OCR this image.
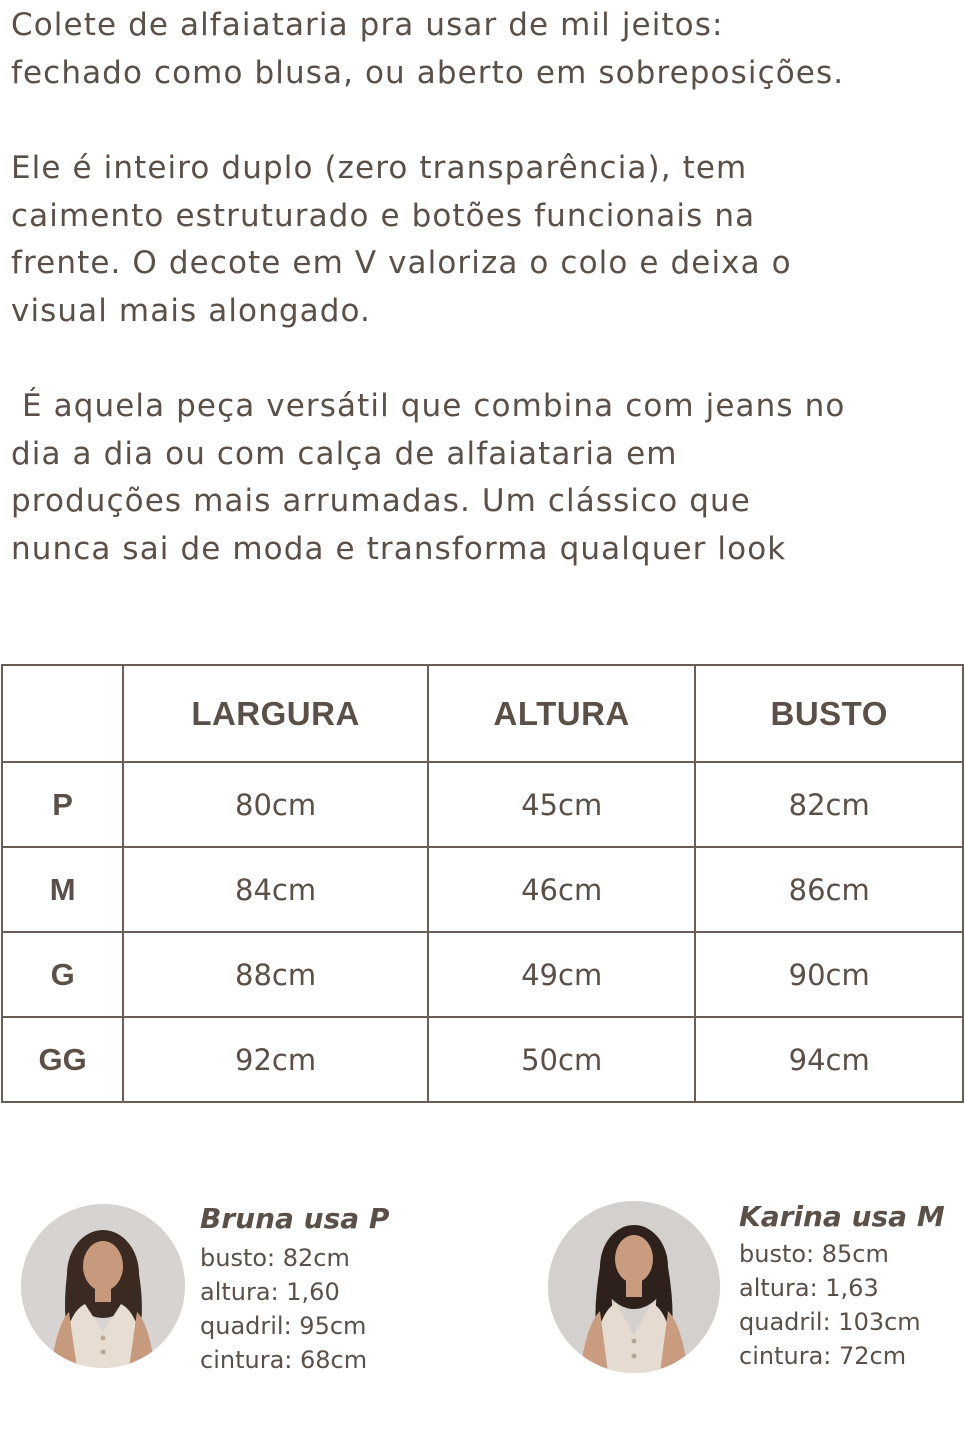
Colete de alfaiataria pra usar de mil jeitos:
fechado como blusa, ou aberto em sobreposições.

Ele é inteiro duplo (zero transparência), tem
caimento estruturado e botões funcionais na
frente. O decote em V valoriza o colo e deixa o
visual mais alongado.

É aquela peça versátil que combina com jeans no
dia a dia ou com calça de alfaiataria em
produções mais arrumadas. Um clássico que
nunca sai de moda e transforma qualquer look

	LARGURA	ALTURA	BUSTO
P	80cm	45cm	82cm
M	84cm	46cm	86cm
G	88cm	49cm	90cm
GG	92cm	50cm	94cm
Bruna usa P
busto: 82cm
altura: 1,60
quadril: 95cm
cintura: 68cm
Karina usa M
busto: 85cm
altura: 1,63
quadril: 103cm
cintura: 72cm
